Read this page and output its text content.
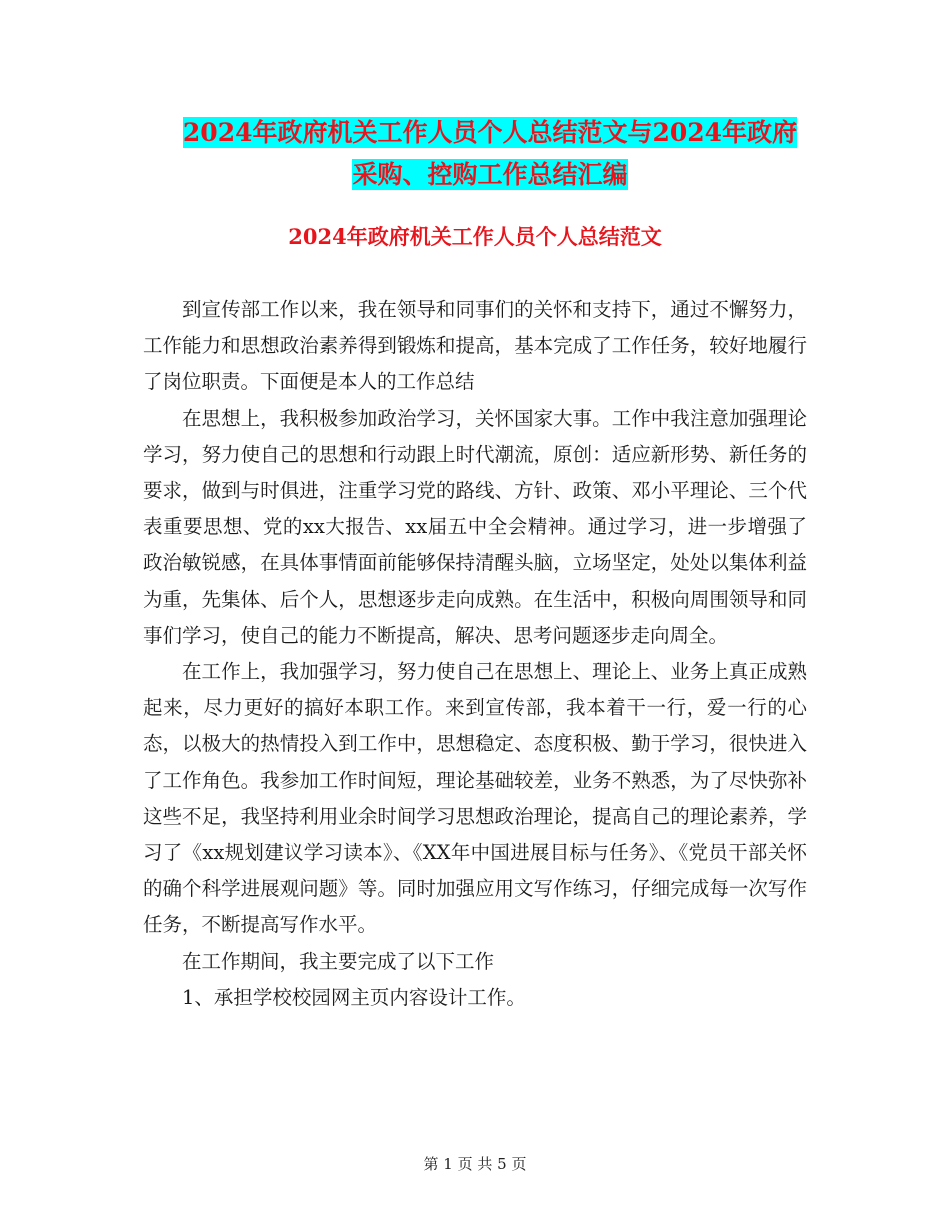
2024年政府机关工作人员个人总结范文与2024年政府
采购、控购工作总结汇编
2024年政府机关工作人员个人总结范文

到宣传部工作以来，我在领导和同事们的关怀和支持下，通过不懈努力，工作能力和思想政治素养得到锻炼和提高，基本完成了工作任务，较好地履行了岗位职责。下面便是本人的工作总结

在思想上，我积极参加政治学习，关怀国家大事。工作中我注意加强理论学习，努力使自己的思想和行动跟上时代潮流，原创：适应新形势、新任务的要求，做到与时俱进，注重学习党的路线、方针、政策、邓小平理论、三个代表重要思想、党的xx大报告、xx届五中全会精神。通过学习，进一步增强了政治敏锐感，在具体事情面前能够保持清醒头脑，立场坚定，处处以集体利益为重，先集体、后个人，思想逐步走向成熟。在生活中，积极向周围领导和同事们学习，使自己的能力不断提高，解决、思考问题逐步走向周全。

在工作上，我加强学习，努力使自己在思想上、理论上、业务上真正成熟起来，尽力更好的搞好本职工作。来到宣传部，我本着干一行，爱一行的心态，以极大的热情投入到工作中，思想稳定、态度积极、勤于学习，很快进入了工作角色。我参加工作时间短，理论基础较差，业务不熟悉，为了尽快弥补这些不足，我坚持利用业余时间学习思想政治理论，提高自己的理论素养，学习了《xx规划建议学习读本》、《XX年中国进展目标与任务》、《党员干部关怀的确个科学进展观问题》等。同时加强应用文写作练习，仔细完成每一次写作任务，不断提高写作水平。

在工作期间，我主要完成了以下工作

1、承担学校校园网主页内容设计工作。

第 1 页 共 5 页
